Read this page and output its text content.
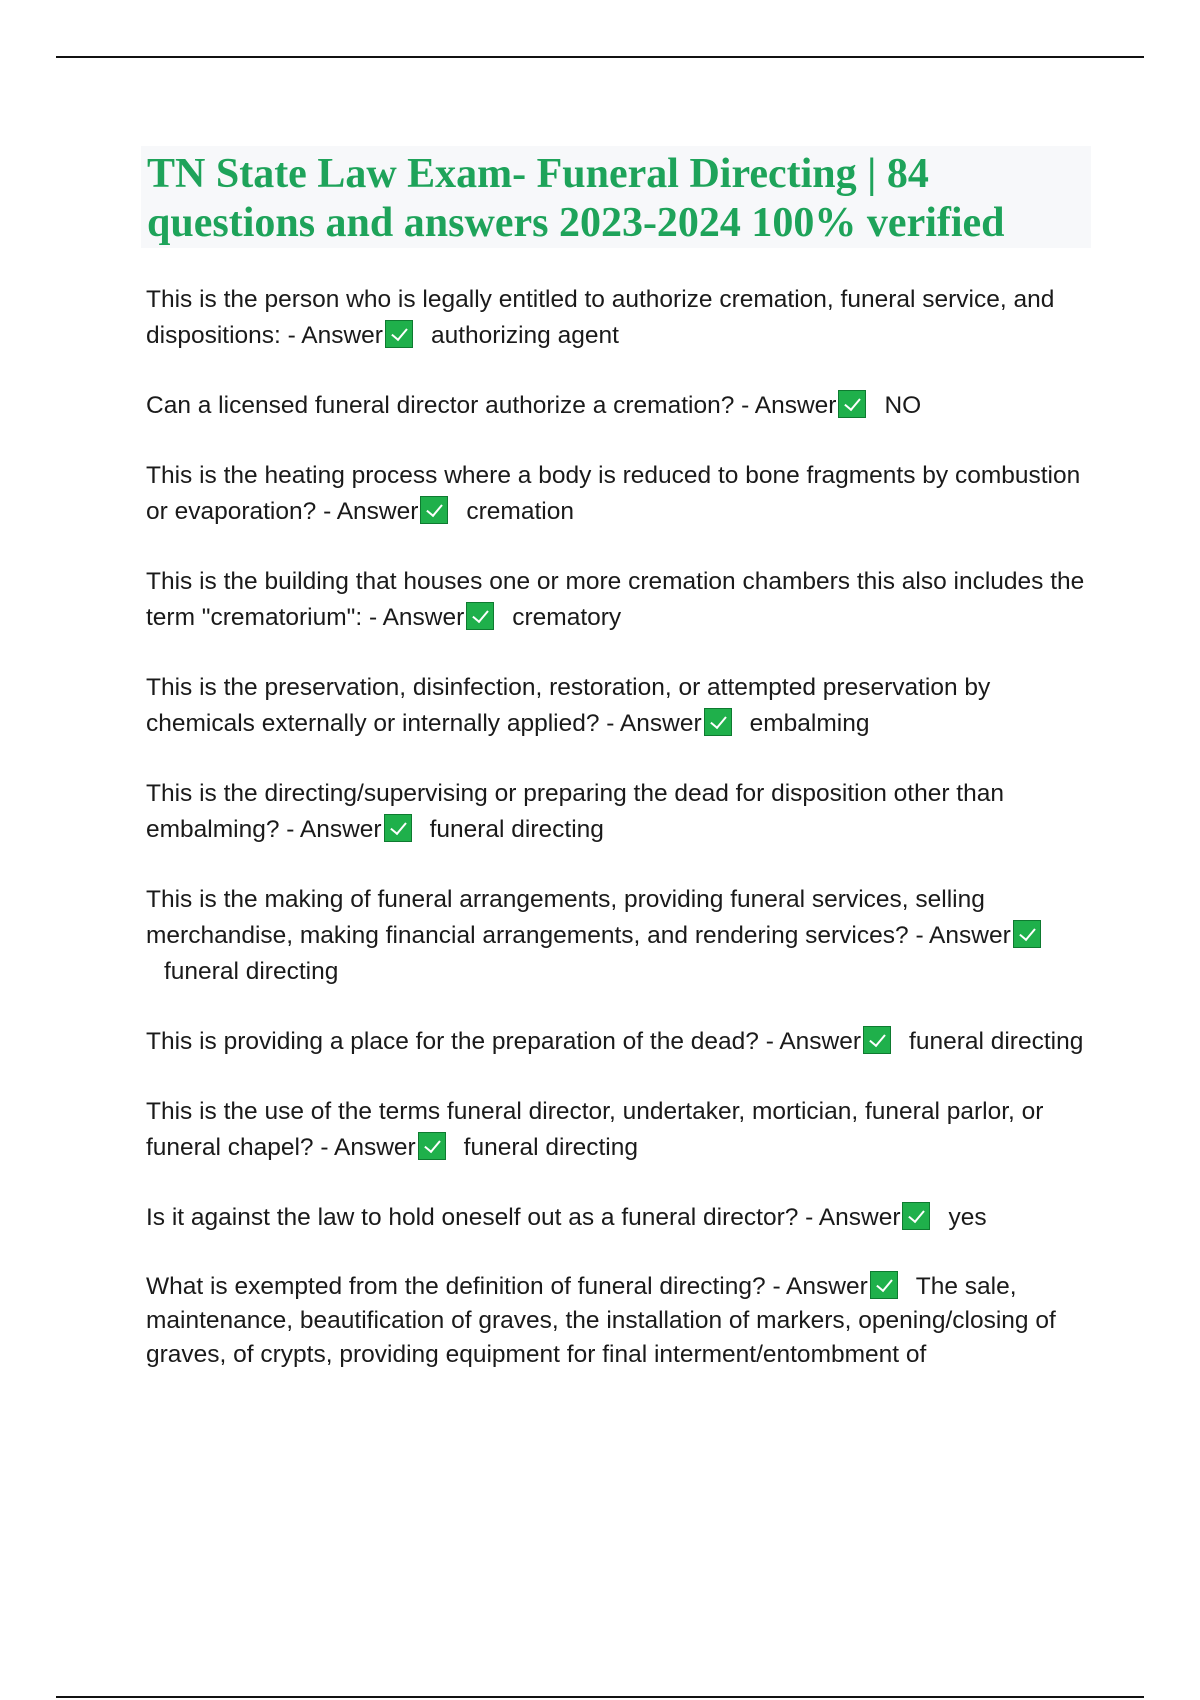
TN State Law Exam- Funeral Directing | 84 questions and answers 2023-2024 100% verified

This is the person who is legally entitled to authorize cremation, funeral service, and dispositions: - Answer authorizing agent

Can a licensed funeral director authorize a cremation? - Answer NO

This is the heating process where a body is reduced to bone fragments by combustion or evaporation? - Answer cremation

This is the building that houses one or more cremation chambers this also includes the term "crematorium": - Answer crematory

This is the preservation, disinfection, restoration, or attempted preservation by chemicals externally or internally applied? - Answer embalming

This is the directing/supervising or preparing the dead for disposition other than embalming? - Answer funeral directing

This is the making of funeral arrangements, providing funeral services, selling merchandise, making financial arrangements, and rendering services? - Answerfuneral directing

This is providing a place for the preparation of the dead? - Answer funeral directing

This is the use of the terms funeral director, undertaker, mortician, funeral parlor, or funeral chapel? - Answer funeral directing

Is it against the law to hold oneself out as a funeral director? - Answer yes

What is exempted from the definition of funeral directing? - Answer The sale, maintenance, beautification of graves, the installation of markers, opening/closing of graves, of crypts, providing equipment for final interment/entombment of
